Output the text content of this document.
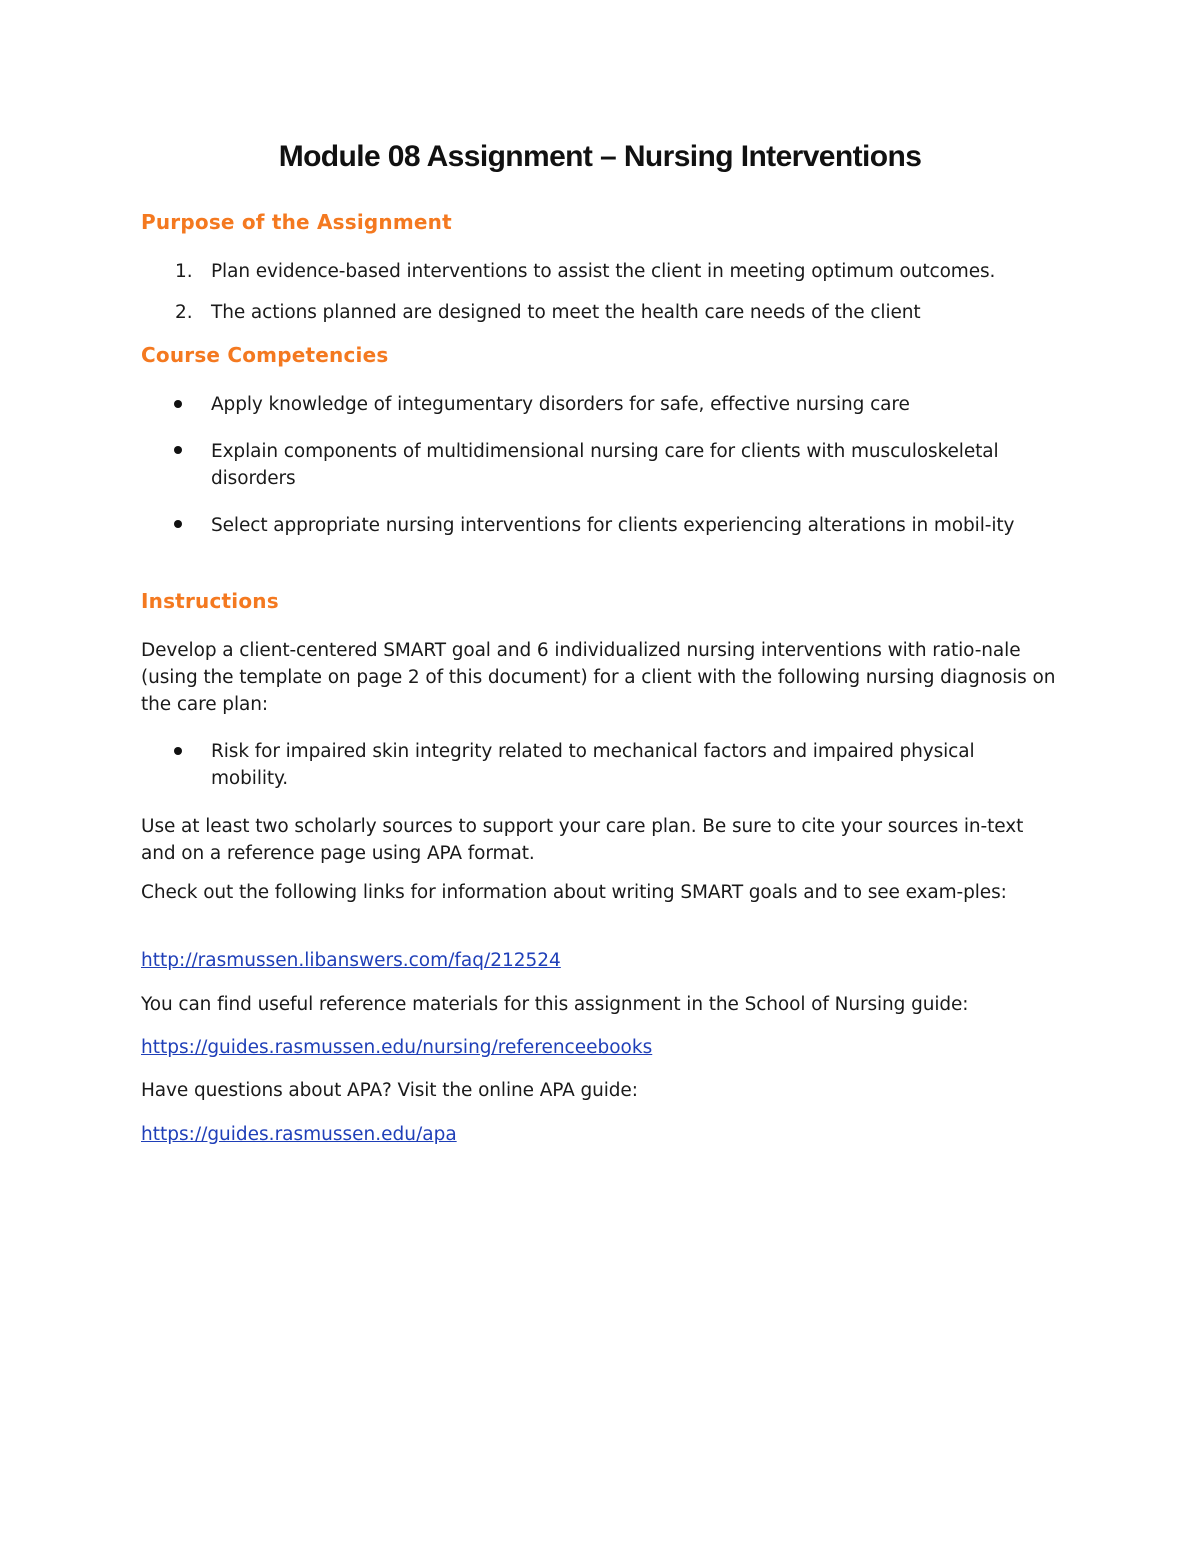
Module 08 Assignment – Nursing Interventions
Purpose of the Assignment
1. Plan evidence-based interventions to assist the client in meeting optimum outcomes.

2. The actions planned are designed to meet the health care needs of the client

Course Competencies

Apply knowledge of integumentary disorders for safe, effective nursing care

Explain components of multidimensional nursing care for clients with musculoskeletal disorders

Select appropriate nursing interventions for clients experiencing alterations in mobil-ity

Instructions

Develop a client-centered SMART goal and 6 individualized nursing interventions with ratio-nale (using the template on page 2 of this document) for a client with the following nursing diagnosis on the care plan:

Risk for impaired skin integrity related to mechanical factors and impaired physical mobility.

Use at least two scholarly sources to support your care plan. Be sure to cite your sources in-text and on a reference page using APA format.

Check out the following links for information about writing SMART goals and to see exam-ples:

http://rasmussen.libanswers.com/faq/212524

You can find useful reference materials for this assignment in the School of Nursing guide:

https://guides.rasmussen.edu/nursing/referenceebooks

Have questions about APA? Visit the online APA guide:

https://guides.rasmussen.edu/apa
